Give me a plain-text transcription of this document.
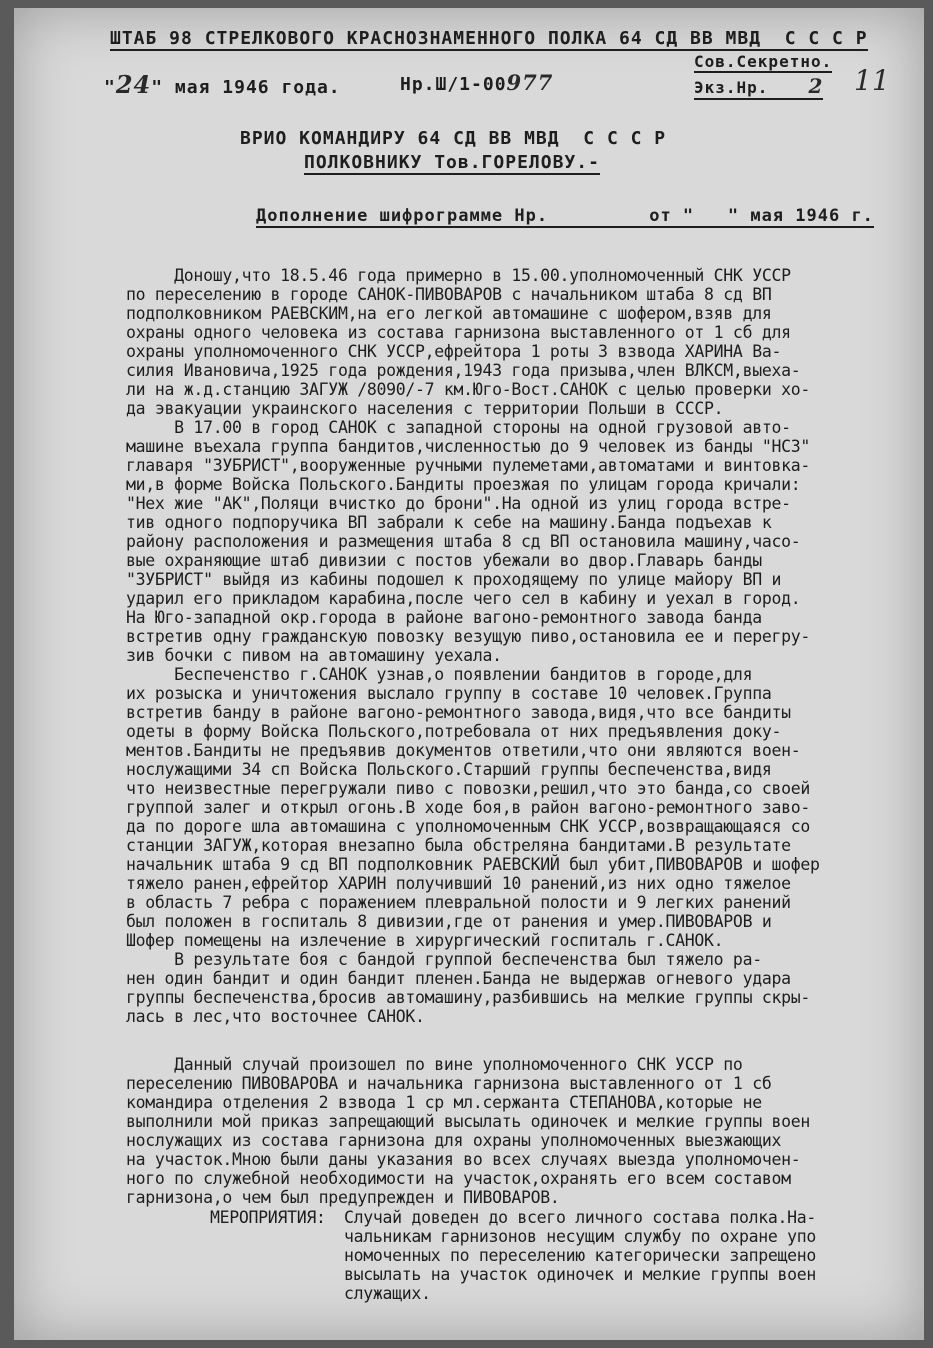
ШТАБ 98 СТРЕЛКОВОГО КРАСНОЗНАМЕННОГО ПОЛКА 64 СД ВВ МВД  С С С Р
"24" мая 1946 года.	Нр.Ш/1-00977
Сов.Секретно.
Экз.Нр. 2 11
ВРИО КОМАНДИРУ 64 СД ВВ МВД  С С С Р
ПОЛКОВНИКУ Тов.ГОРЕЛОВУ.-
Дополнение шифрограмме Нр.         от "   " мая 1946 г.
Доношу,что 18.5.46 года примерно в 15.00.уполномоченный СНК УССР
по переселению в городе САНОК-ПИВОВАРОВ с начальником штаба 8 сд ВП
подполковником РАЕВСКИМ,на его легкой автомашине с шофером,взяв для
охраны одного человека из состава гарнизона выставленного от 1 сб для
охраны уполномоченного СНК УССР,ефрейтора 1 роты 3 взвода ХАРИНА Ва-
силия Ивановича,1925 года рождения,1943 года призыва,член ВЛКСМ,выеха-
ли на ж.д.станцию ЗАГУЖ /8090/-7 км.Юго-Вост.САНОК с целью проверки хо-
да эвакуации украинского населения с территории Польши в СССР.
В 17.00 в город САНОК с западной стороны на одной грузовой авто-
машине въехала группа бандитов,численностью до 9 человек из банды "НСЗ"
главаря "ЗУБРИСТ",вооруженные ручными пулеметами,автоматами и винтовка-
ми,в форме Войска Польского.Бандиты проезжая по улицам города кричали:
"Нех жие "АК",Поляци вчистко до брони".На одной из улиц города встре-
тив одного подпоручика ВП забрали к себе на машину.Банда подъехав к
району расположения и размещения штаба 8 сд ВП остановила машину,часо-
вые охраняющие штаб дивизии с постов убежали во двор.Главарь банды
"ЗУБРИСТ" выйдя из кабины подошел к проходящему по улице майору ВП и
ударил его прикладом карабина,после чего сел в кабину и уехал в город.
На Юго-западной окр.города в районе вагоно-ремонтного завода банда
встретив одну гражданскую повозку везущую пиво,остановила ее и перегру-
зив бочки с пивом на автомашину уехала.
Беспеченство г.САНОК узнав,о появлении бандитов в городе,для
их розыска и уничтожения выслало группу в составе 10 человек.Группа
встретив банду в районе вагоно-ремонтного завода,видя,что все бандиты
одеты в форму Войска Польского,потребовала от них предъявления доку-
ментов.Бандиты не предъявив документов ответили,что они являются воен-
нослужащими 34 сп Войска Польского.Старший группы беспеченства,видя
что неизвестные перегружали пиво с повозки,решил,что это банда,со своей
группой залег и открыл огонь.В ходе боя,в район вагоно-ремонтного заво-
да по дороге шла автомашина с уполномоченным СНК УССР,возвращающаяся со
станции ЗАГУЖ,которая внезапно была обстреляна бандитами.В результате
начальник штаба 9 сд ВП подполковник РАЕВСКИЙ был убит,ПИВОВАРОВ и шофер
тяжело ранен,ефрейтор ХАРИН получивший 10 ранений,из них одно тяжелое
в область 7 ребра с поражением плевральной полости и 9 легких ранений
был положен в госпиталь 8 дивизии,где от ранения и умер.ПИВОВАРОВ и
Шофер помещены на излечение в хирургический госпиталь г.САНОК.
В результате боя с бандой группой беспеченства был тяжело ра-
нен один бандит и один бандит пленен.Банда не выдержав огневого удара
группы беспеченства,бросив автомашину,разбившись на мелкие группы скры-
лась в лес,что восточнее САНОК.
Данный случай произошел по вине уполномоченного СНК УССР по
переселению ПИВОВАРОВА и начальника гарнизона выставленного от 1 сб
командира отделения 2 взвода 1 ср мл.сержанта СТЕПАНОВА,которые не
выполнили мой приказ запрещающий высылать одиночек и мелкие группы воен
нослужащих из состава гарнизона для охраны уполномоченных выезжающих
на участок.Мною были даны указания во всех случаях выезда уполномочен-
ного по служебной необходимости на участок,охранять его всем составом
гарнизона,о чем был предупрежден и ПИВОВАРОВ.
МЕРОПРИЯТИЯ: Случай доведен до всего личного состава полка.На-
чальникам гарнизонов несущим службу по охране упо
номоченных по переселению категорически запрещено
высылать на участок одиночек и мелкие группы воен
служащих.
